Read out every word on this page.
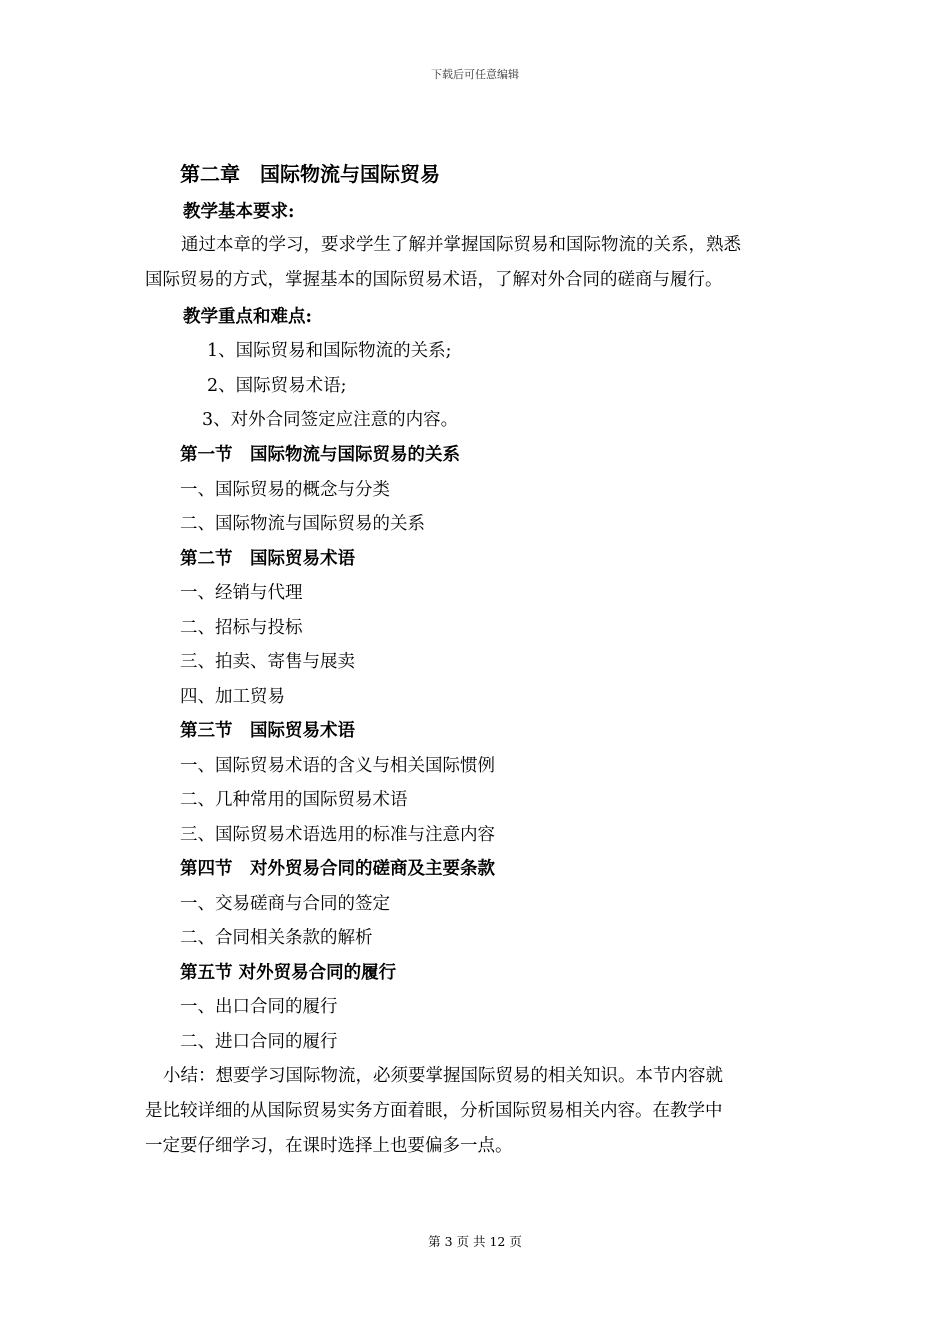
下载后可任意编辑
第二章　国际物流与国际贸易
教学基本要求:
通过本章的学习，要求学生了解并掌握国际贸易和国际物流的关系，熟悉
国际贸易的方式，掌握基本的国际贸易术语，了解对外合同的磋商与履行。
教学重点和难点:
1、国际贸易和国际物流的关系;
2、国际贸易术语;
3、对外合同签定应注意的内容。
第一节　国际物流与国际贸易的关系
一、国际贸易的概念与分类
二、国际物流与国际贸易的关系
第二节　国际贸易术语
一、经销与代理
二、招标与投标
三、拍卖、寄售与展卖
四、加工贸易
第三节　国际贸易术语
一、国际贸易术语的含义与相关国际惯例
二、几种常用的国际贸易术语
三、国际贸易术语选用的标准与注意内容
第四节　对外贸易合同的磋商及主要条款
一、交易磋商与合同的签定
二、合同相关条款的解析
第五节 对外贸易合同的履行
一、出口合同的履行
二、进口合同的履行
小结：想要学习国际物流，必须要掌握国际贸易的相关知识。本节内容就
是比较详细的从国际贸易实务方面着眼，分析国际贸易相关内容。在教学中
一定要仔细学习，在课时选择上也要偏多一点。
第 3 页 共 12 页
